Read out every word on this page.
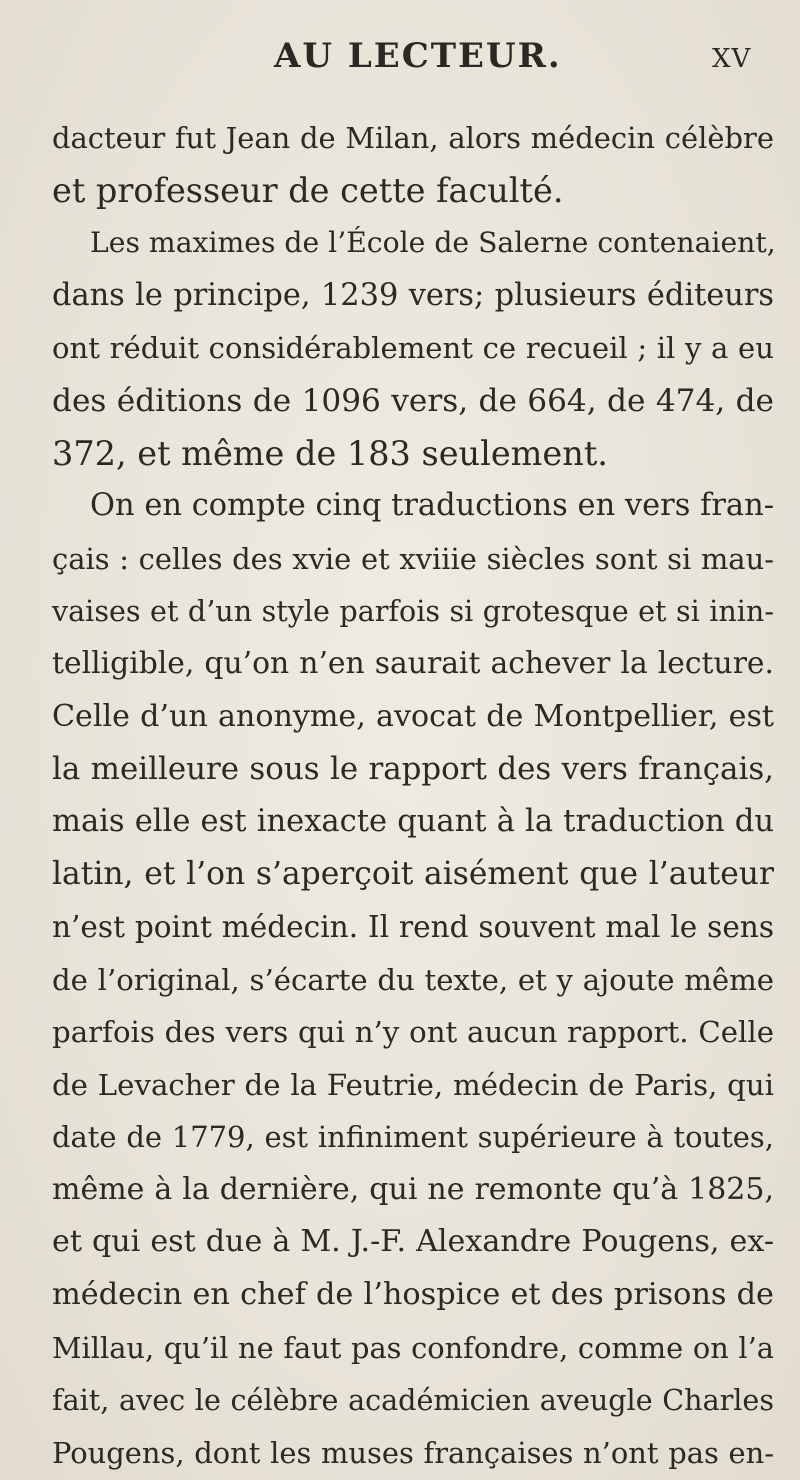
AU LECTEUR.	XV
dacteur fut Jean de Milan, alors médecin célèbre
et professeur de cette faculté.
Les maximes de l’École de Salerne contenaient,
dans le principe, 1239 vers; plusieurs éditeurs
ont réduit considérablement ce recueil ; il y a eu
des éditions de 1096 vers, de 664, de 474, de
372, et même de 183 seulement.
On en compte cinq traductions en vers fran-
çais : celles des xvie et xviiie siècles sont si mau-
vaises et d’un style parfois si grotesque et si inin-
telligible, qu’on n’en saurait achever la lecture.
Celle d’un anonyme, avocat de Montpellier, est
la meilleure sous le rapport des vers français,
mais elle est inexacte quant à la traduction du
latin, et l’on s’aperçoit aisément que l’auteur
n’est point médecin. Il rend souvent mal le sens
de l’original, s’écarte du texte, et y ajoute même
parfois des vers qui n’y ont aucun rapport. Celle
de Levacher de la Feutrie, médecin de Paris, qui
date de 1779, est infiniment supérieure à toutes,
même à la dernière, qui ne remonte qu’à 1825,
et qui est due à M. J.-F. Alexandre Pougens, ex-
médecin en chef de l’hospice et des prisons de
Millau, qu’il ne faut pas confondre, comme on l’a
fait, avec le célèbre académicien aveugle Charles
Pougens, dont les muses françaises n’ont pas en-
